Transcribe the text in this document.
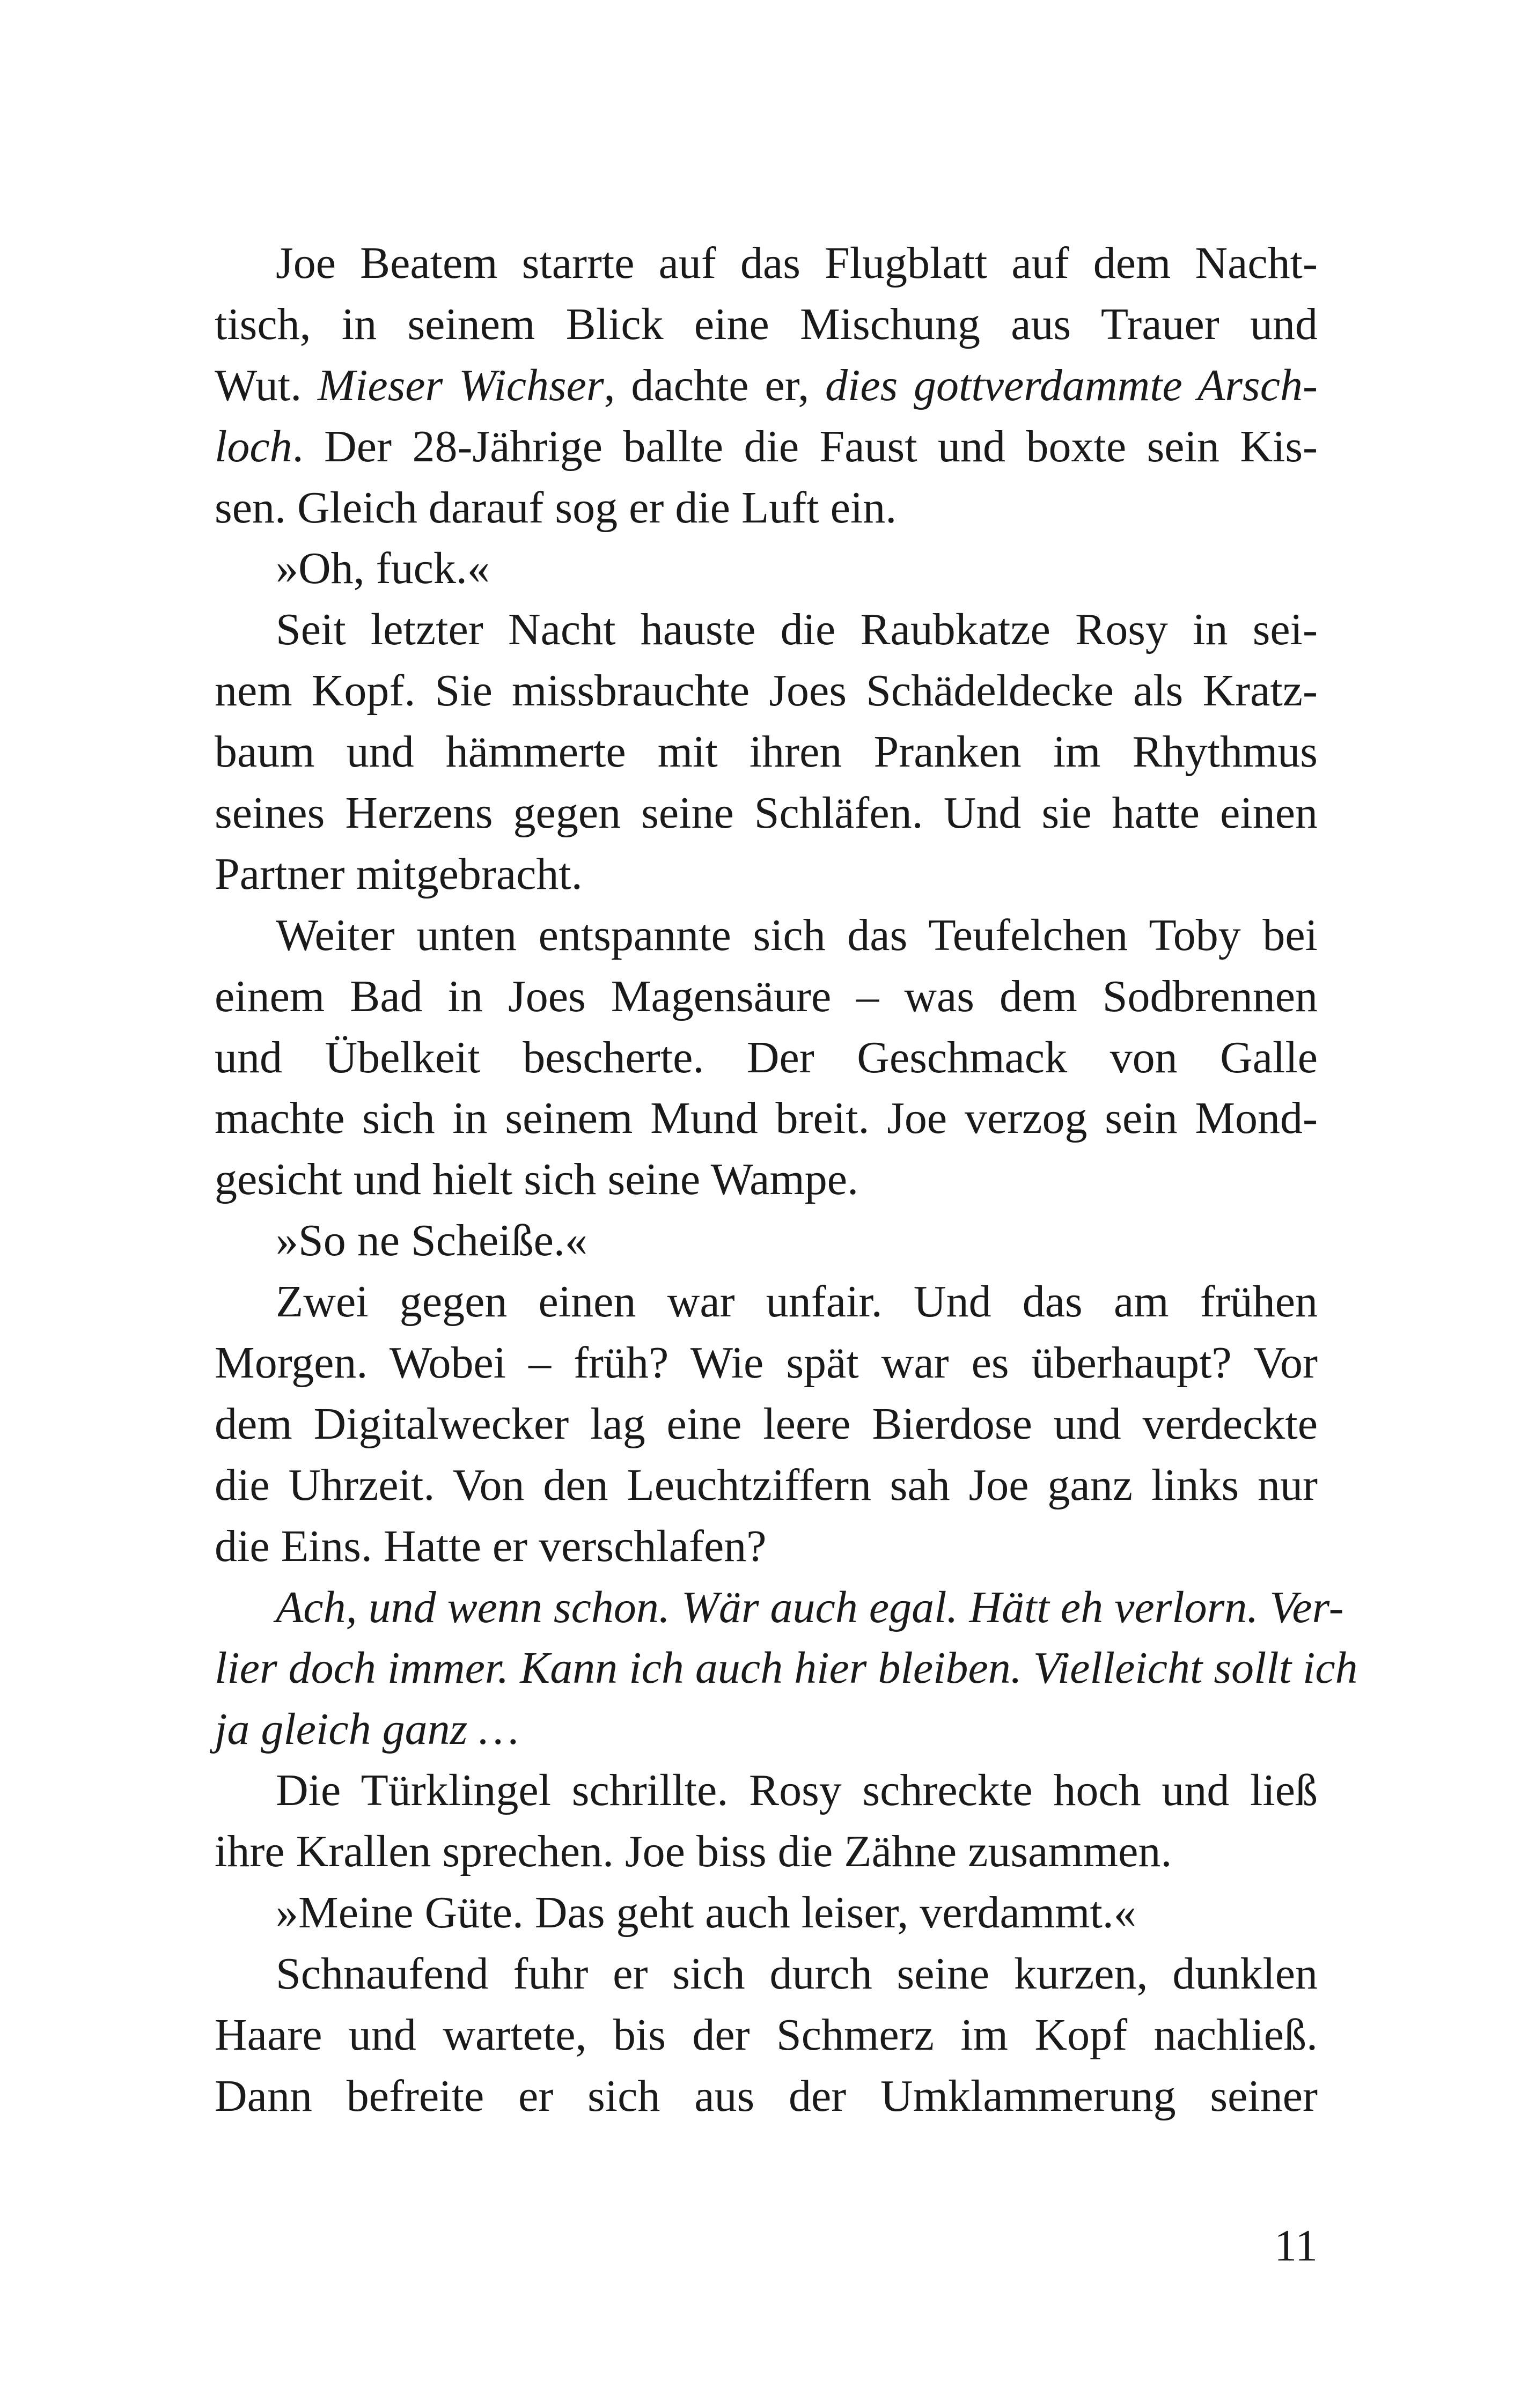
Joe Beatem starrte auf das Flugblatt auf dem Nacht-
tisch, in seinem Blick eine Mischung aus Trauer und
Wut. Mieser Wichser, dachte er, dies gottverdammte Arsch-
loch. Der 28-Jährige ballte die Faust und boxte sein Kis-
sen. Gleich darauf sog er die Luft ein.
»Oh, fuck.«
Seit letzter Nacht hauste die Raubkatze Rosy in sei-
nem Kopf. Sie missbrauchte Joes Schädeldecke als Kratz-
baum und hämmerte mit ihren Pranken im Rhythmus
seines Herzens gegen seine Schläfen. Und sie hatte einen
Partner mitgebracht.
Weiter unten entspannte sich das Teufelchen Toby bei
einem Bad in Joes Magensäure – was dem Sodbrennen
und Übelkeit bescherte. Der Geschmack von Galle
machte sich in seinem Mund breit. Joe verzog sein Mond-
gesicht und hielt sich seine Wampe.
»So ne Scheiße.«
Zwei gegen einen war unfair. Und das am frühen
Morgen. Wobei – früh? Wie spät war es überhaupt? Vor
dem Digitalwecker lag eine leere Bierdose und verdeckte
die Uhrzeit. Von den Leuchtziffern sah Joe ganz links nur
die Eins. Hatte er verschlafen?
Ach, und wenn schon. Wär auch egal. Hätt eh verlorn. Ver-
lier doch immer. Kann ich auch hier bleiben. Vielleicht sollt ich
ja gleich ganz …
Die Türklingel schrillte. Rosy schreckte hoch und ließ
ihre Krallen sprechen. Joe biss die Zähne zusammen.
»Meine Güte. Das geht auch leiser, verdammt.«
Schnaufend fuhr er sich durch seine kurzen, dunklen
Haare und wartete, bis der Schmerz im Kopf nachließ.
Dann befreite er sich aus der Umklammerung seiner
11
